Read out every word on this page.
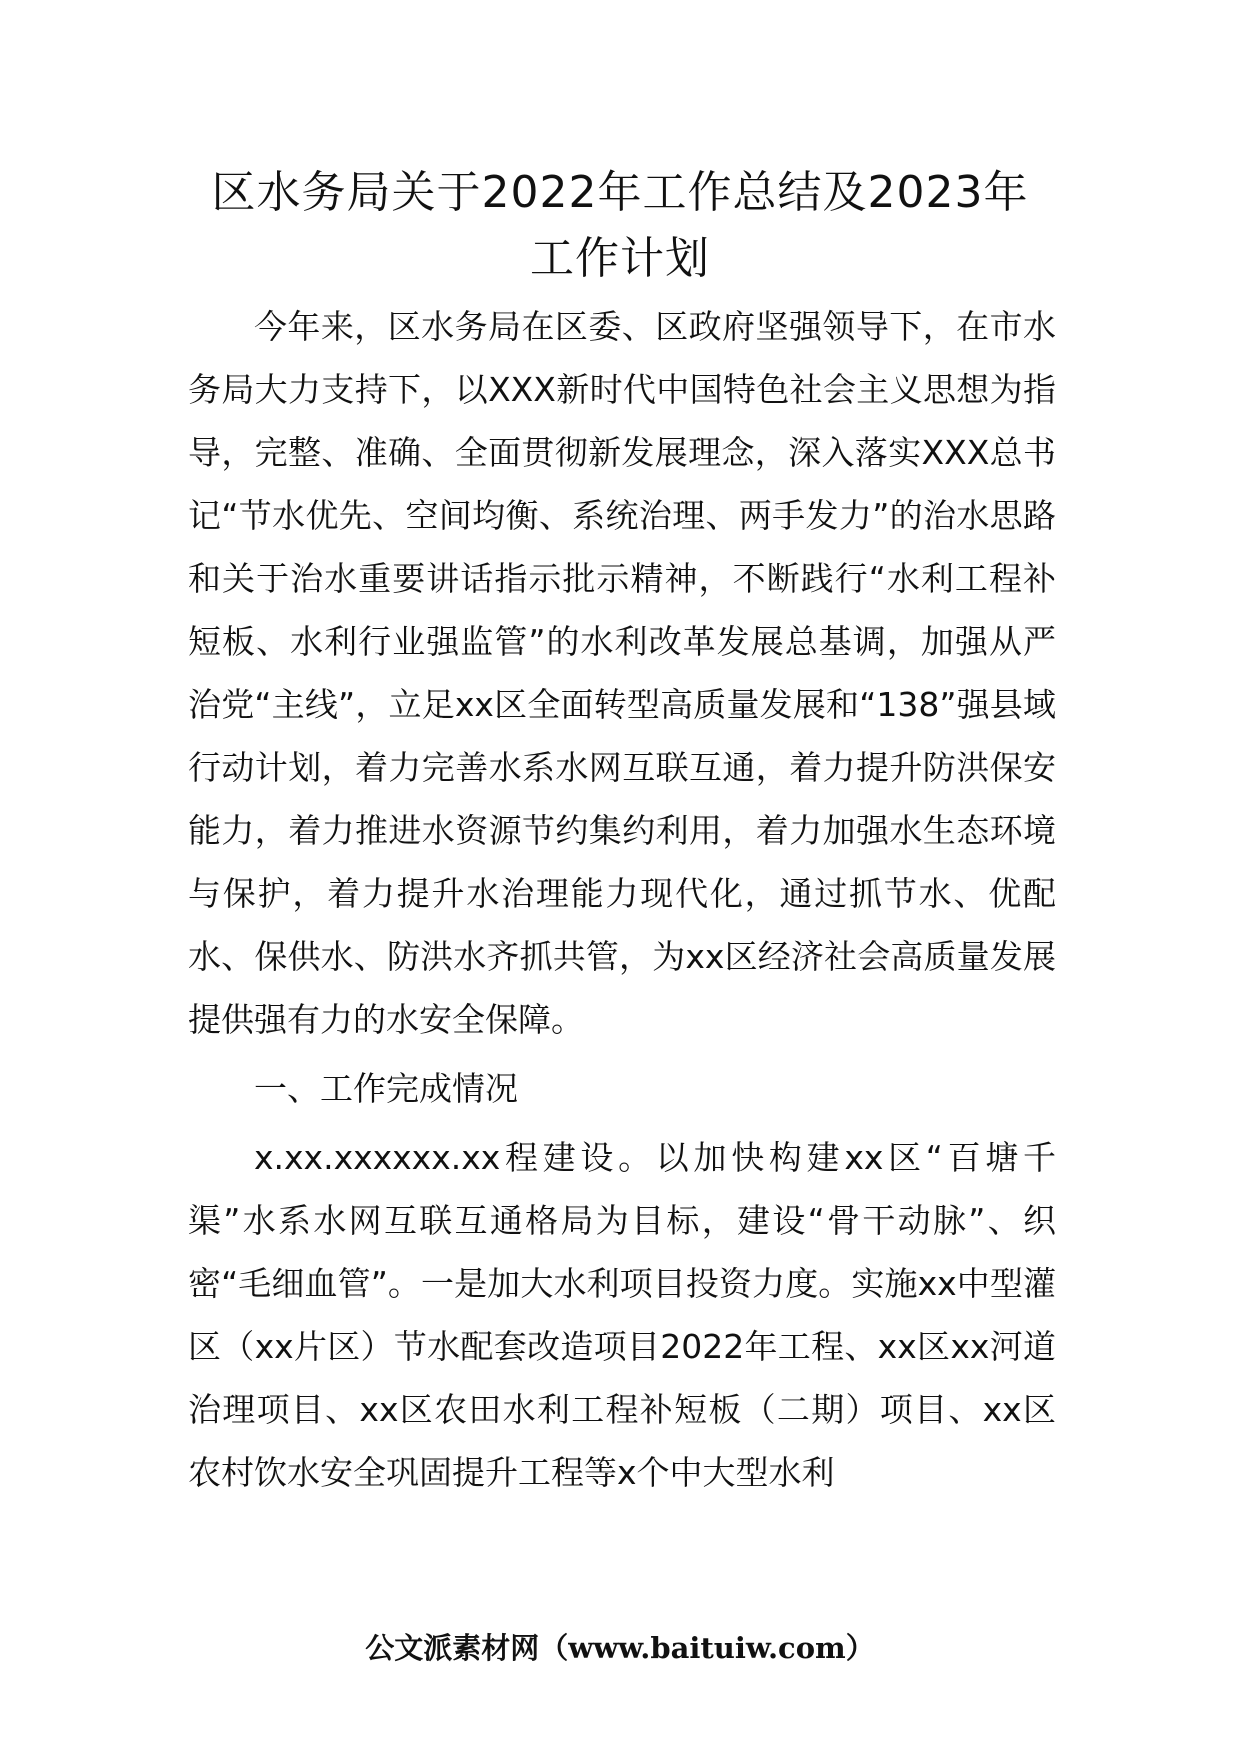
区水务局关于2022年工作总结及2023年
工作计划

今年来，区水务局在区委、区政府坚强领导下，在市水务局大力支持下，以XXX新时代中国特色社会主义思想为指导，完整、准确、全面贯彻新发展理念，深入落实XXX总书记“节水优先、空间均衡、系统治理、两手发力”的治水思路和关于治水重要讲话指示批示精神，不断践行“水利工程补短板、水利行业强监管”的水利改革发展总基调，加强从严治党“主线”，立足xx区全面转型高质量发展和“138”强县域行动计划，着力完善水系水网互联互通，着力提升防洪保安能力，着力推进水资源节约集约利用，着力加强水生态环境与保护，着力提升水治理能力现代化，通过抓节水、优配水、保供水、防洪水齐抓共管，为xx区经济社会高质量发展提供强有力的水安全保障。

一、工作完成情况

x.xx.xxxxxx.xx程建设。以加快构建xx区“百塘千渠”水系水网互联互通格局为目标，建设“骨干动脉”、织密“毛细血管”。一是加大水利项目投资力度。实施xx中型灌区（xx片区）节水配套改造项目2022年工程、xx区xx河道治理项目、xx区农田水利工程补短板（二期）项目、xx区农村饮水安全巩固提升工程等x个中大型水利

公文派素材网（www.baituiw.com）
